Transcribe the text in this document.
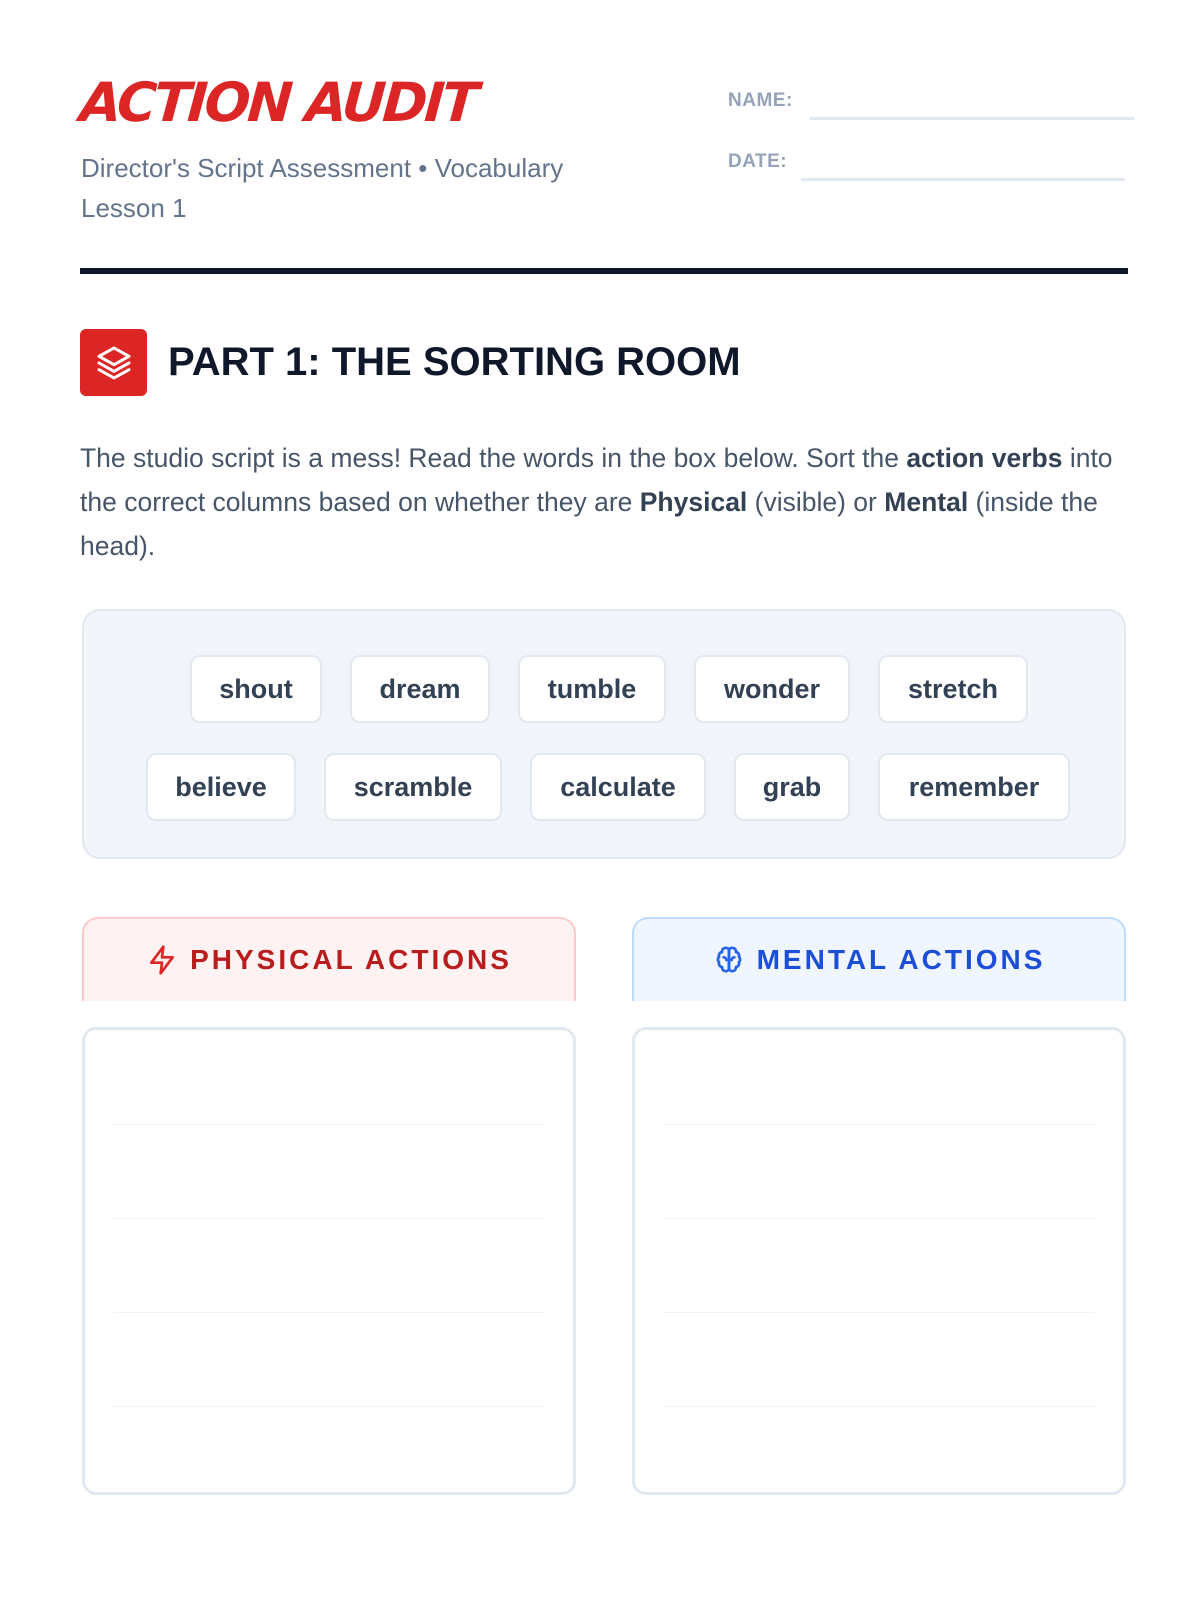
ACTION AUDIT
Director's Script Assessment • Vocabulary Lesson 1
NAME:
DATE:
PART 1: THE SORTING ROOM
The studio script is a mess! Read the words in the box below. Sort the action verbs into the correct columns based on whether they are Physical (visible) or Mental (inside the head).
shout	dream	tumble	wonder	stretch
believe	scramble	calculate	grab	remember
PHYSICAL ACTIONS	MENTAL ACTIONS
